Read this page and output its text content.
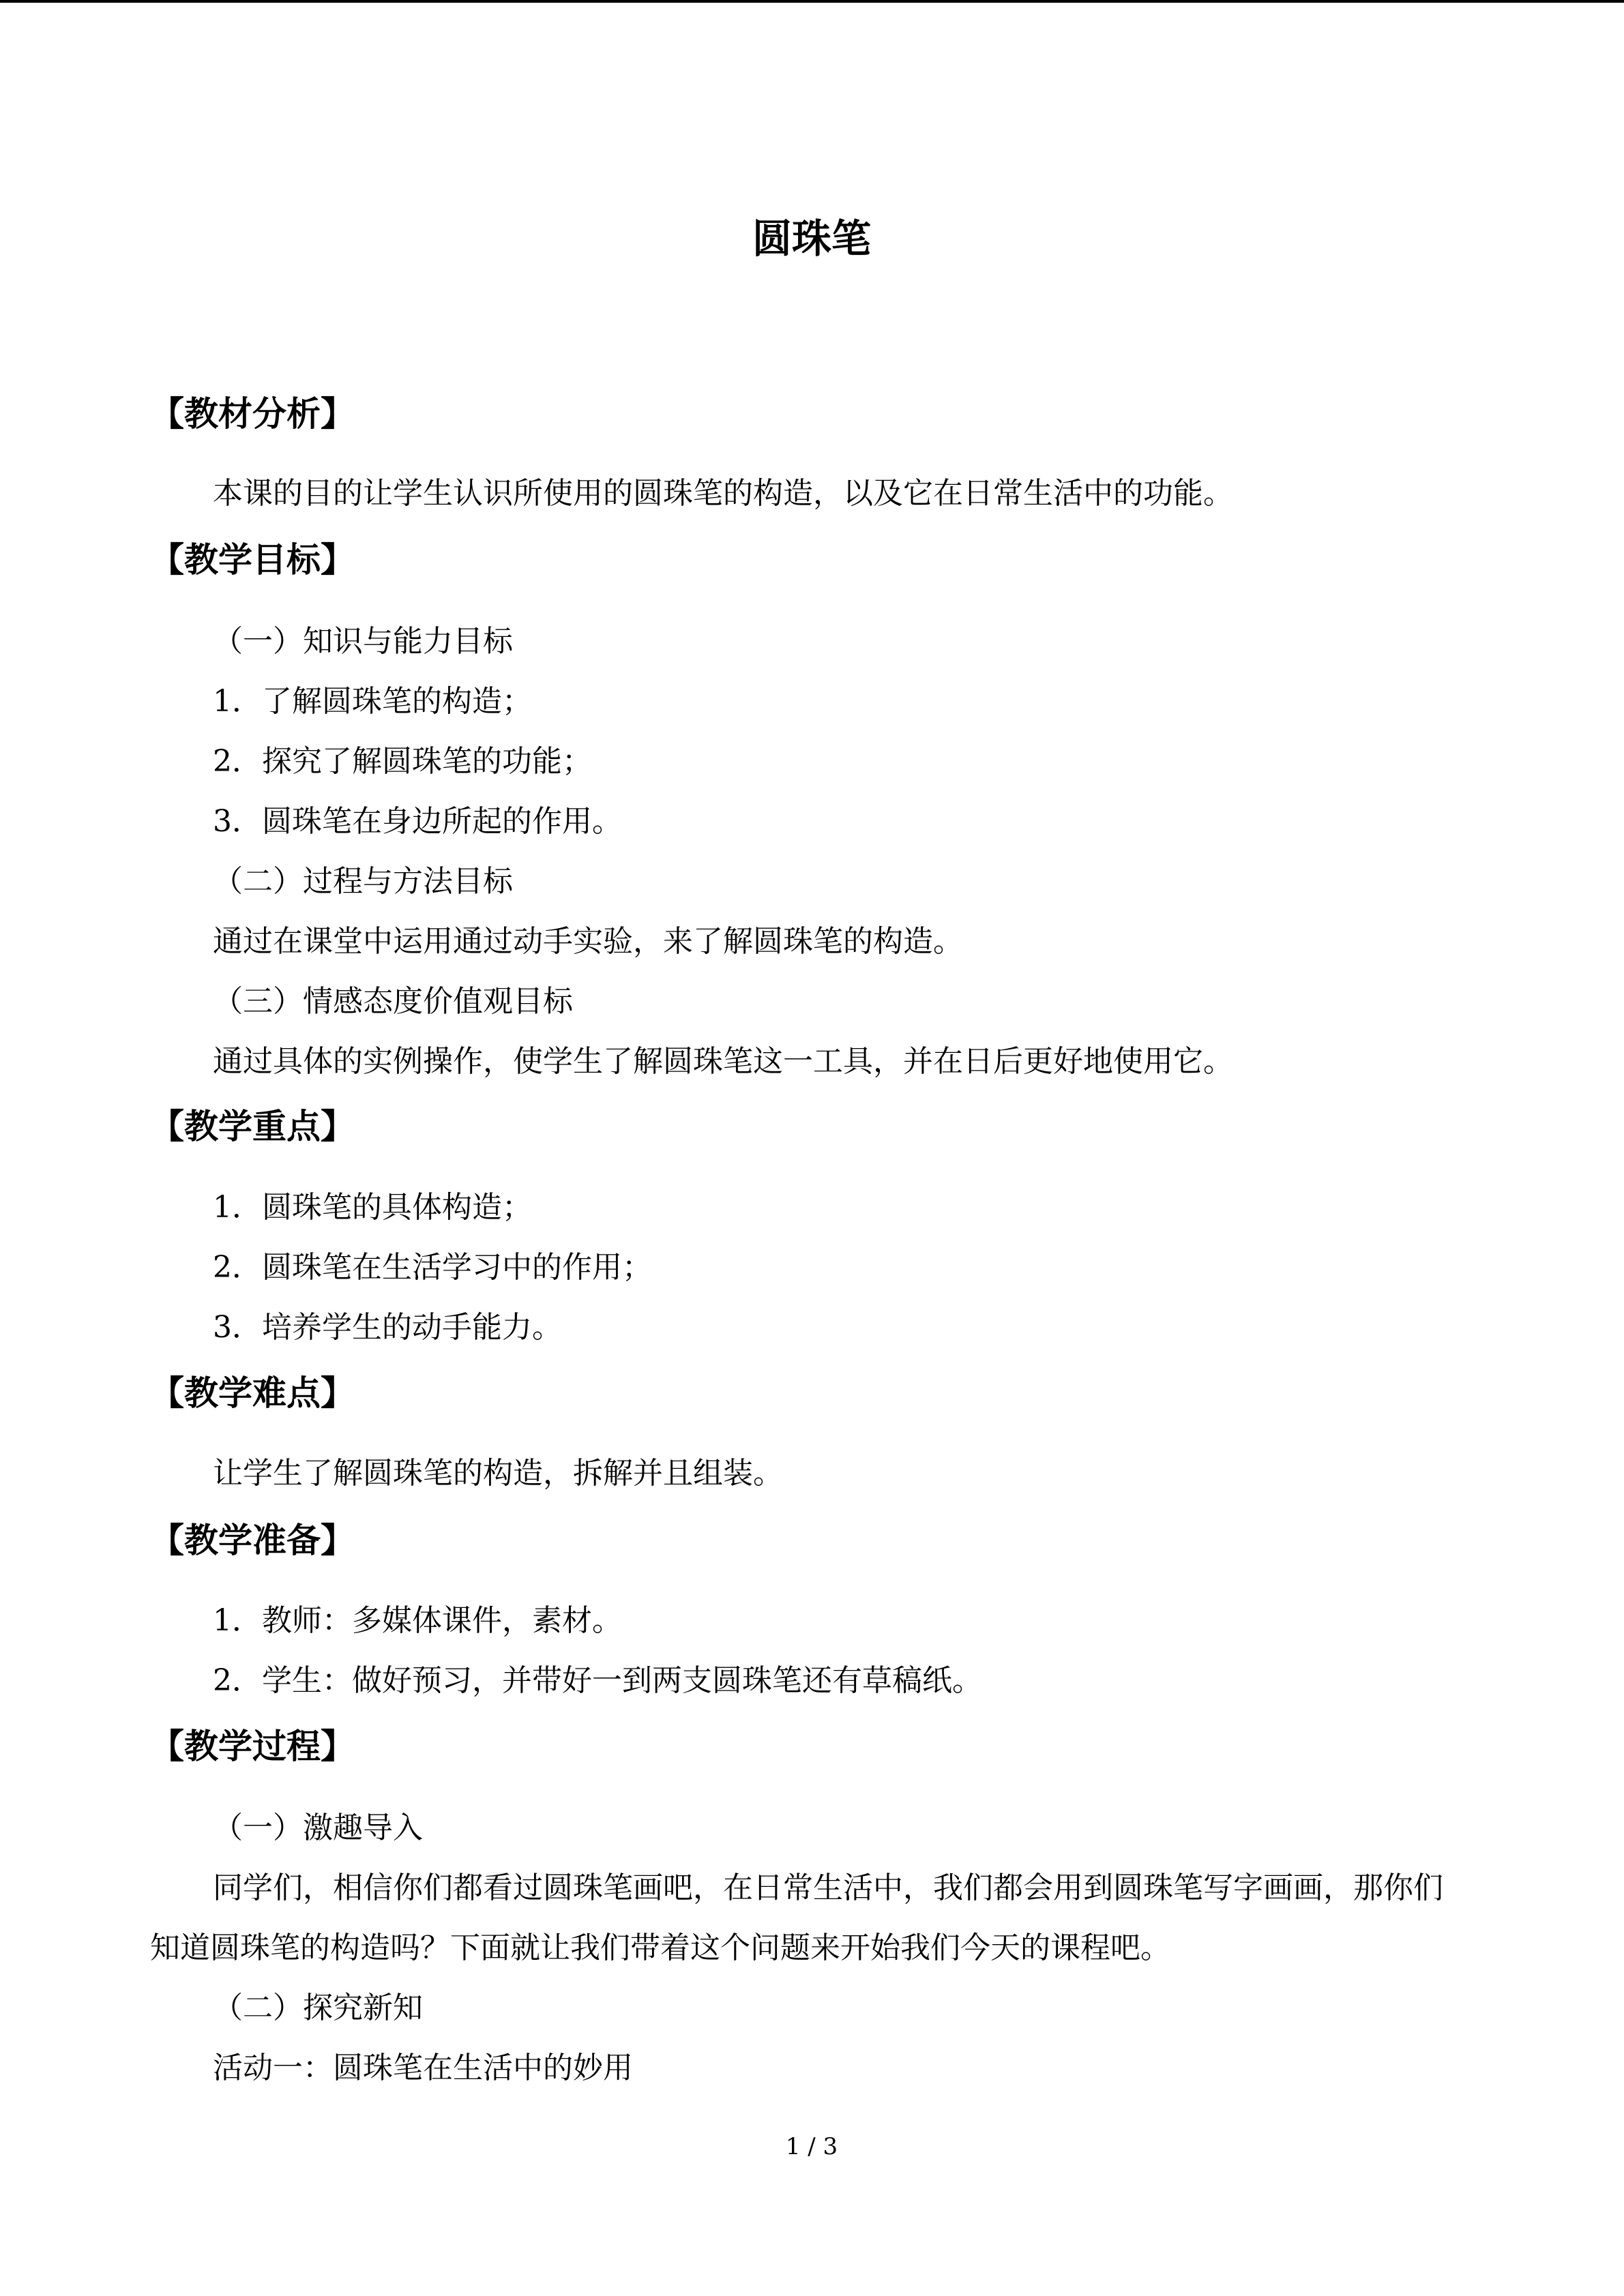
圆珠笔
【教材分析】
本课的目的让学生认识所使用的圆珠笔的构造，以及它在日常生活中的功能。
【教学目标】
（一）知识与能力目标
1．了解圆珠笔的构造；
2．探究了解圆珠笔的功能；
3．圆珠笔在身边所起的作用。
（二）过程与方法目标
通过在课堂中运用通过动手实验，来了解圆珠笔的构造。
（三）情感态度价值观目标
通过具体的实例操作，使学生了解圆珠笔这一工具，并在日后更好地使用它。
【教学重点】
1．圆珠笔的具体构造；
2．圆珠笔在生活学习中的作用；
3．培养学生的动手能力。
【教学难点】
让学生了解圆珠笔的构造，拆解并且组装。
【教学准备】
1．教师：多媒体课件，素材。
2．学生：做好预习，并带好一到两支圆珠笔还有草稿纸。
【教学过程】
（一）激趣导入
同学们，相信你们都看过圆珠笔画吧，在日常生活中，我们都会用到圆珠笔写字画画，那你们知道圆珠笔的构造吗？下面就让我们带着这个问题来开始我们今天的课程吧。
（二）探究新知
活动一：圆珠笔在生活中的妙用
1 / 3
